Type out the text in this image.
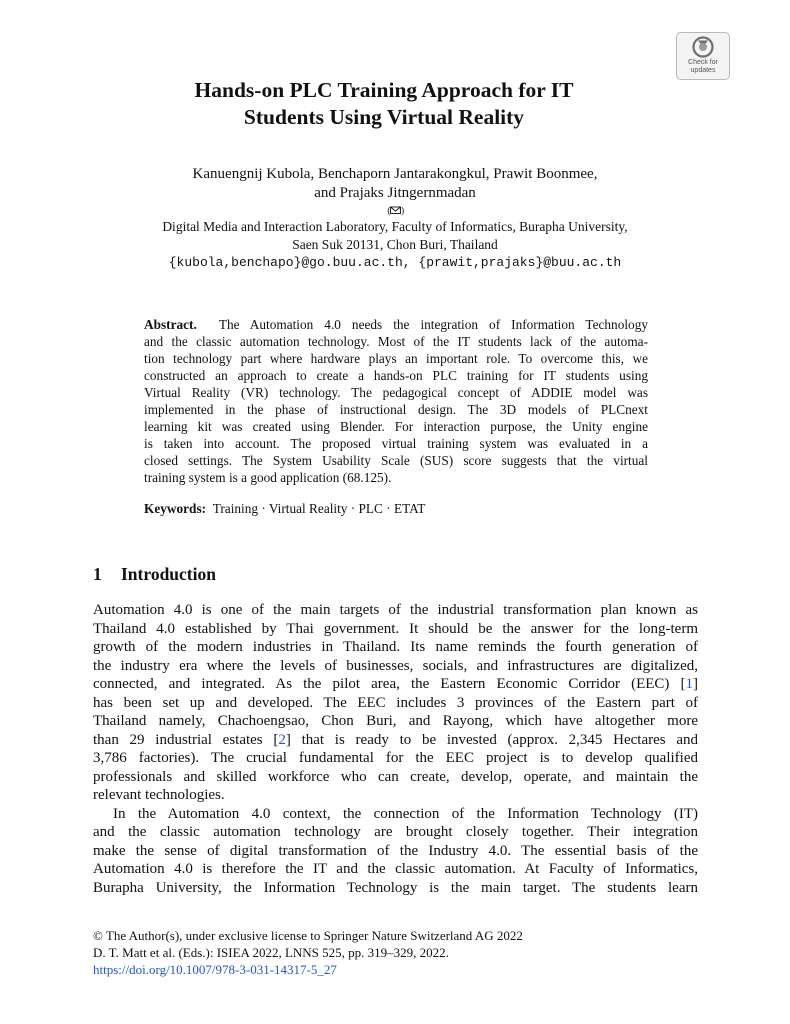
Check for
updates
Hands-on PLC Training Approach for IT
Students Using Virtual Reality
Kanuengnij Kubola, Benchaporn Jantarakongkul, Prawit Boonmee,
and Prajaks Jitngernmadan
( )
Digital Media and Interaction Laboratory, Faculty of Informatics, Burapha University,
Saen Suk 20131, Chon Buri, Thailand
{kubola,benchapo}@go.buu.ac.th, {prawit,prajaks}@buu.ac.th
Abstract. The Automation 4.0 needs the integration of Information Technology
and the classic automation technology. Most of the IT students lack of the automa-
tion technology part where hardware plays an important role. To overcome this, we
constructed an approach to create a hands-on PLC training for IT students using
Virtual Reality (VR) technology. The pedagogical concept of ADDIE model was
implemented in the phase of instructional design. The 3D models of PLCnext
learning kit was created using Blender. For interaction purpose, the Unity engine
is taken into account. The proposed virtual training system was evaluated in a
closed settings. The System Usability Scale (SUS) score suggests that the virtual
training system is a good application (68.125).
Keywords: Training · Virtual Reality · PLC · ETAT
1 Introduction
Automation 4.0 is one of the main targets of the industrial transformation plan known as
Thailand 4.0 established by Thai government. It should be the answer for the long-term
growth of the modern industries in Thailand. Its name reminds the fourth generation of
the industry era where the levels of businesses, socials, and infrastructures are digitalized,
connected, and integrated. As the pilot area, the Eastern Economic Corridor (EEC) [1]
has been set up and developed. The EEC includes 3 provinces of the Eastern part of
Thailand namely, Chachoengsao, Chon Buri, and Rayong, which have altogether more
than 29 industrial estates [2] that is ready to be invested (approx. 2,345 Hectares and
3,786 factories). The crucial fundamental for the EEC project is to develop qualified
professionals and skilled workforce who can create, develop, operate, and maintain the
relevant technologies.
In the Automation 4.0 context, the connection of the Information Technology (IT)
and the classic automation technology are brought closely together. Their integration
make the sense of digital transformation of the Industry 4.0. The essential basis of the
Automation 4.0 is therefore the IT and the classic automation. At Faculty of Informatics,
Burapha University, the Information Technology is the main target. The students learn
© The Author(s), under exclusive license to Springer Nature Switzerland AG 2022
D. T. Matt et al. (Eds.): ISIEA 2022, LNNS 525, pp. 319–329, 2022.
https://doi.org/10.1007/978-3-031-14317-5_27
